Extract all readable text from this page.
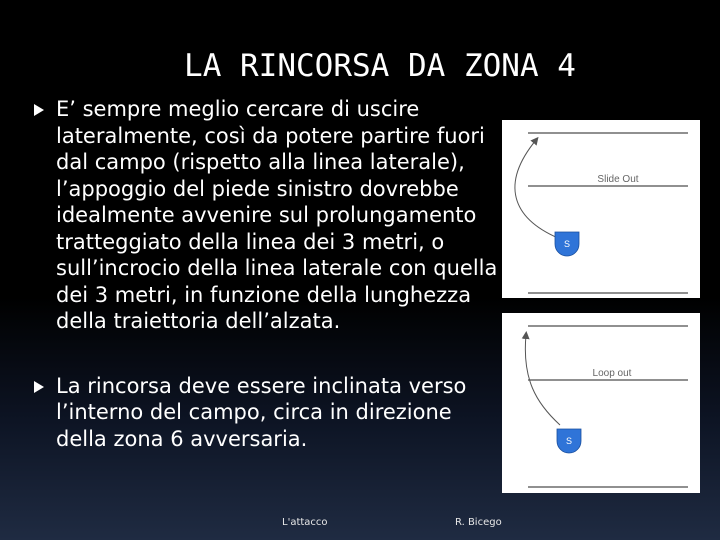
LA RINCORSA DA ZONA 4
E’ sempre meglio cercare di uscire lateralmente, così da potere partire fuori dal campo (rispetto alla linea laterale), l’appoggio del piede sinistro dovrebbe idealmente avvenire sul prolungamento tratteggiato della linea dei 3 metri, o sull’incrocio della linea laterale con quella dei 3 metri, in funzione della lunghezza della traiettoria dell’alzata.
La rincorsa deve essere inclinata verso l’interno del campo, circa in direzione della zona 6 avversaria.
S
Slide Out
S
Loop out
L'attacco	R. Bicego
